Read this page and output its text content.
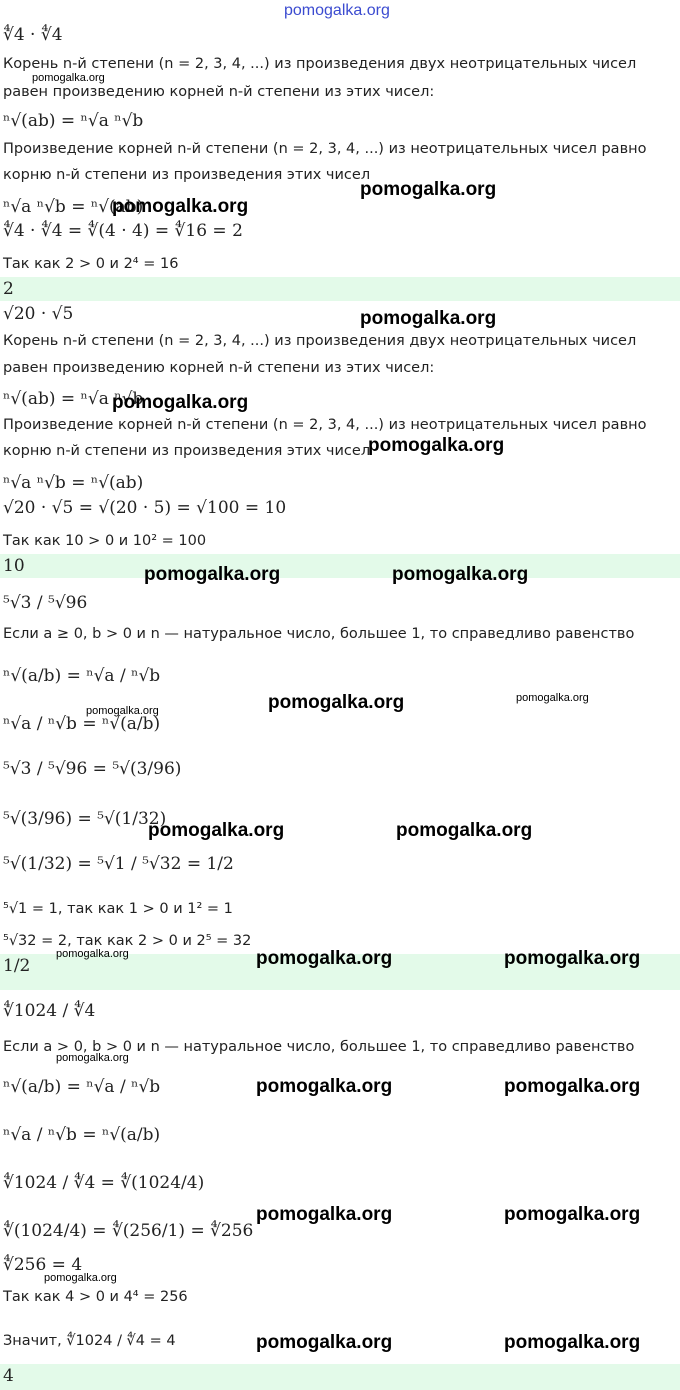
pomogalka.org
∜4 · ∜4
Корень n-й степени (n = 2, 3, 4, ...) из произведения двух неотрицательных чисел
равен произведению корней n-й степени из этих чисел:
ⁿ√(ab) = ⁿ√a ⁿ√b
Произведение корней n-й степени (n = 2, 3, 4, ...) из неотрицательных чисел равно
корню n-й степени из произведения этих чисел
ⁿ√a ⁿ√b = ⁿ√(ab)
∜4 · ∜4 = ∜(4 · 4) = ∜16 = 2
Так как 2 > 0 и 2⁴ = 16
2
√20 · √5
Корень n-й степени (n = 2, 3, 4, ...) из произведения двух неотрицательных чисел
равен произведению корней n-й степени из этих чисел:
ⁿ√(ab) = ⁿ√a ⁿ√b
Произведение корней n-й степени (n = 2, 3, 4, ...) из неотрицательных чисел равно
корню n-й степени из произведения этих чисел
ⁿ√a ⁿ√b = ⁿ√(ab)
√20 · √5 = √(20 · 5) = √100 = 10
Так как 10 > 0 и 10² = 100
10
⁵√3 / ⁵√96
Если a ≥ 0, b > 0 и n — натуральное число, большее 1, то справедливо равенство
ⁿ√(a/b) = ⁿ√a / ⁿ√b
ⁿ√a / ⁿ√b = ⁿ√(a/b)
⁵√3 / ⁵√96 = ⁵√(3/96)
⁵√(3/96) = ⁵√(1/32)
⁵√(1/32) = ⁵√1 / ⁵√32 = 1/2
⁵√1 = 1, так как 1 > 0 и 1² = 1
⁵√32 = 2, так как 2 > 0 и 2⁵ = 32
1/2
∜1024 / ∜4
Если a > 0, b > 0 и n — натуральное число, большее 1, то справедливо равенство
ⁿ√(a/b) = ⁿ√a / ⁿ√b
ⁿ√a / ⁿ√b = ⁿ√(a/b)
∜1024 / ∜4 = ∜(1024/4)
∜(1024/4) = ∜(256/1) = ∜256
∜256 = 4
Так как 4 > 0 и 4⁴ = 256
Значит, ∜1024 / ∜4 = 4
4
pomogalka.org
pomogalka.org
pomogalka.org
pomogalka.org
pomogalka.org
pomogalka.org
pomogalka.org	pomogalka.org
pomogalka.org	pomogalka.org
pomogalka.org
pomogalka.org	pomogalka.org
pomogalka.org	pomogalka.org	pomogalka.org
pomogalka.org
pomogalka.org	pomogalka.org
pomogalka.org	pomogalka.org
pomogalka.org
pomogalka.org	pomogalka.org
